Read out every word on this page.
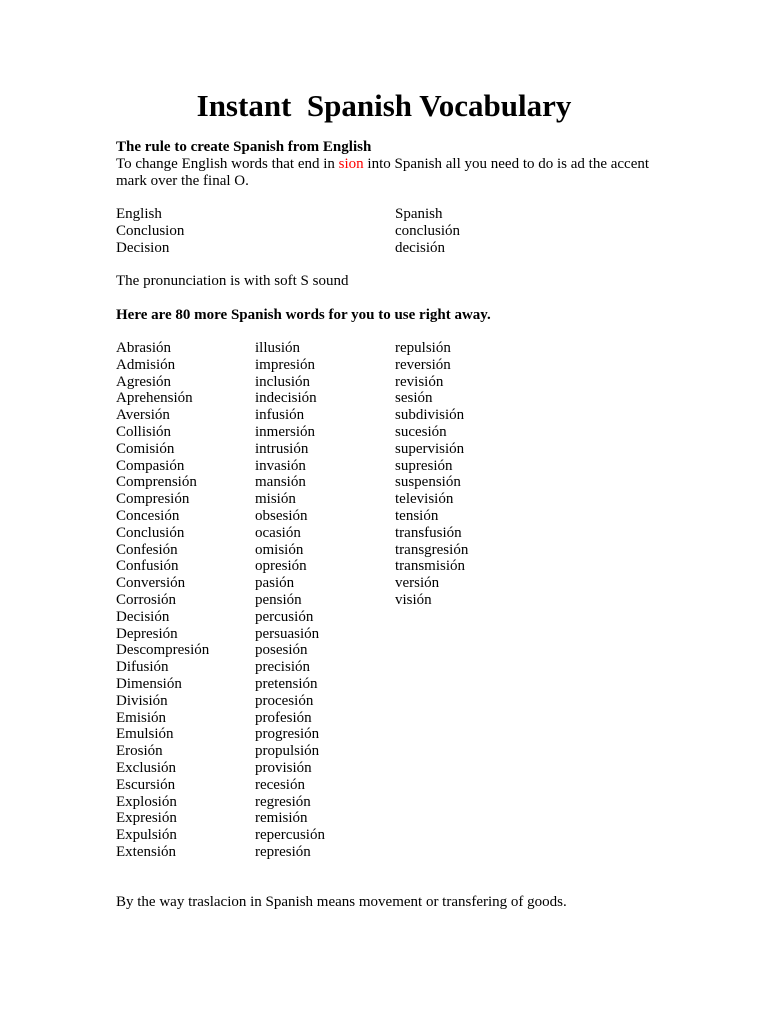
Instant  Spanish Vocabulary
The rule to create Spanish from English
To change English words that end in sion into Spanish all you need to do is ad the accent mark over the final O.
English
Conclusion
Decision
Spanish
conclusión
decisión
The pronunciation is with soft S sound
Here are 80 more Spanish words for you to use right away.
Abrasión
Admisión
Agresión
Aprehensión
Aversión
Collisión
Comisión
Compasión
Comprensión
Compresión
Concesión
Conclusión
Confesión
Confusión
Conversión
Corrosión
Decisión
Depresión
Descompresión
Difusión
Dimensión
División
Emisión
Emulsión
Erosión
Exclusión
Escursión
Explosión
Expresión
Expulsión
Extensión
illusión
impresión
inclusión
indecisión
infusión
inmersión
intrusión
invasión
mansión
misión
obsesión
ocasión
omisión
opresión
pasión
pensión
percusión
persuasión
posesión
precisión
pretensión
procesión
profesión
progresión
propulsión
provisión
recesión
regresión
remisión
repercusión
represión
repulsión
reversión
revisión
sesión
subdivisión
sucesión
supervisión
supresión
suspensión
televisión
tensión
transfusión
transgresión
transmisión
versión
visión
By the way traslacion in Spanish means movement or transfering of goods.
